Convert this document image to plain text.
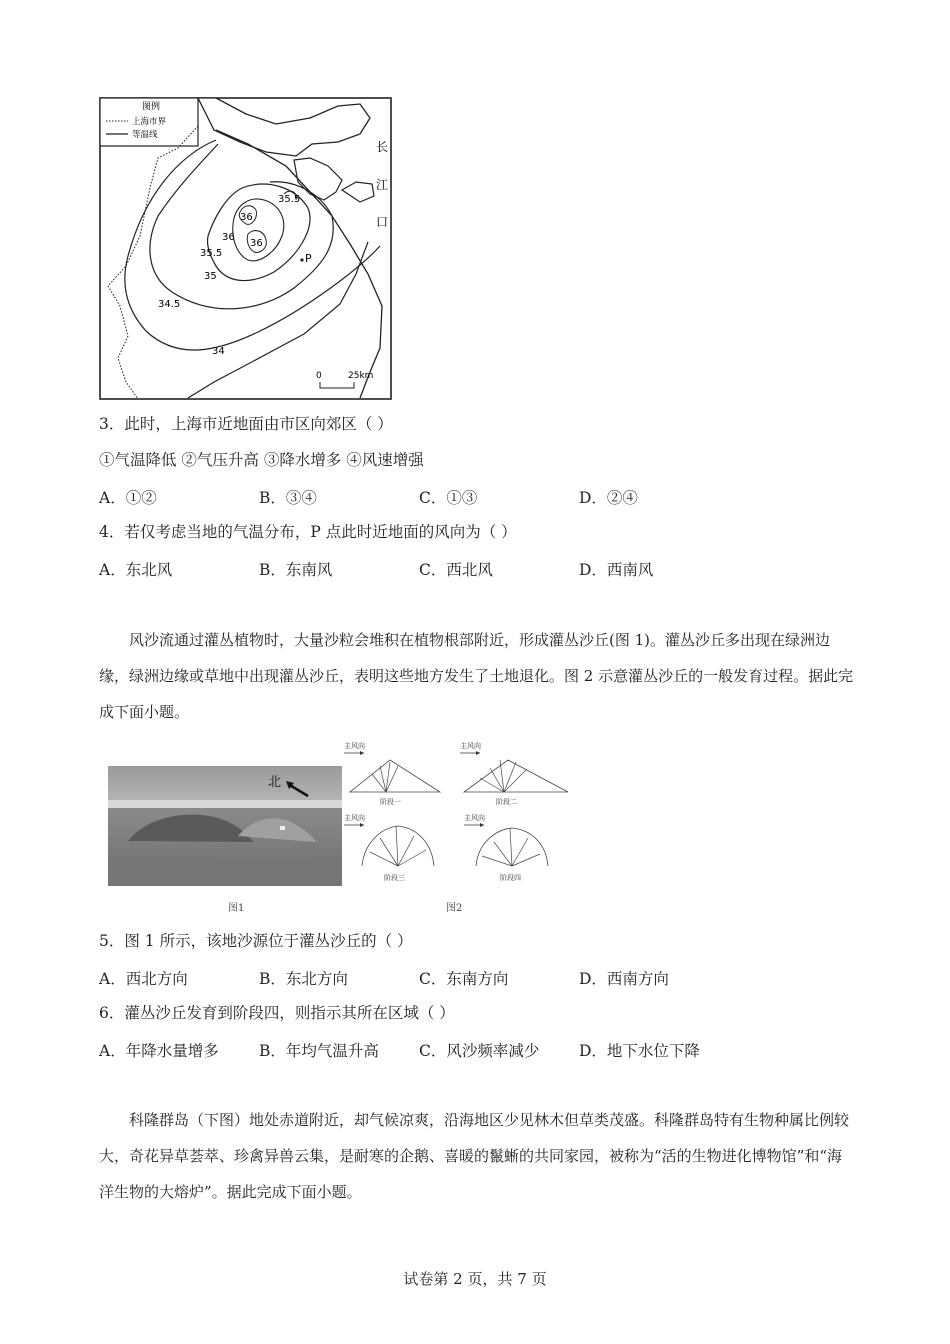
图例
上海市界
等温线
长
江
口
35.5
36
36
36
35.5
35
34.5
34
P
0	25km
3．此时，上海市近地面由市区向郊区（ ）
①气温降低 ②气压升高 ③降水增多 ④风速增强
A．①②	B．③④	C．①③	D．②④
4．若仅考虑当地的气温分布，P 点此时近地面的风向为（ ）
A．东北风	B．东南风	C．西北风	D．西南风
风沙流通过灌丛植物时，大量沙粒会堆积在植物根部附近，形成灌丛沙丘(图 1)。灌丛沙丘多出现在绿洲边缘，绿洲边缘或草地中出现灌丛沙丘，表明这些地方发生了土地退化。图 2 示意灌丛沙丘的一般发育过程。据此完成下面小题。
北
图1
主风向
阶段一
主风向
阶段二
主风向
阶段三
主风向
阶段四
图2
5．图 1 所示，该地沙源位于灌丛沙丘的（ ）
A．西北方向	B．东北方向	C．东南方向	D．西南方向
6．灌丛沙丘发育到阶段四，则指示其所在区域（ ）
A．年降水量增多	B．年均气温升高	C．风沙频率减少	D．地下水位下降
科隆群岛（下图）地处赤道附近，却气候凉爽，沿海地区少见林木但草类茂盛。科隆群岛特有生物种属比例较大，奇花异草荟萃、珍禽异兽云集，是耐寒的企鹅、喜暖的鬣蜥的共同家园，被称为“活的生物进化博物馆”和“海洋生物的大熔炉”。据此完成下面小题。
试卷第 2 页，共 7 页
